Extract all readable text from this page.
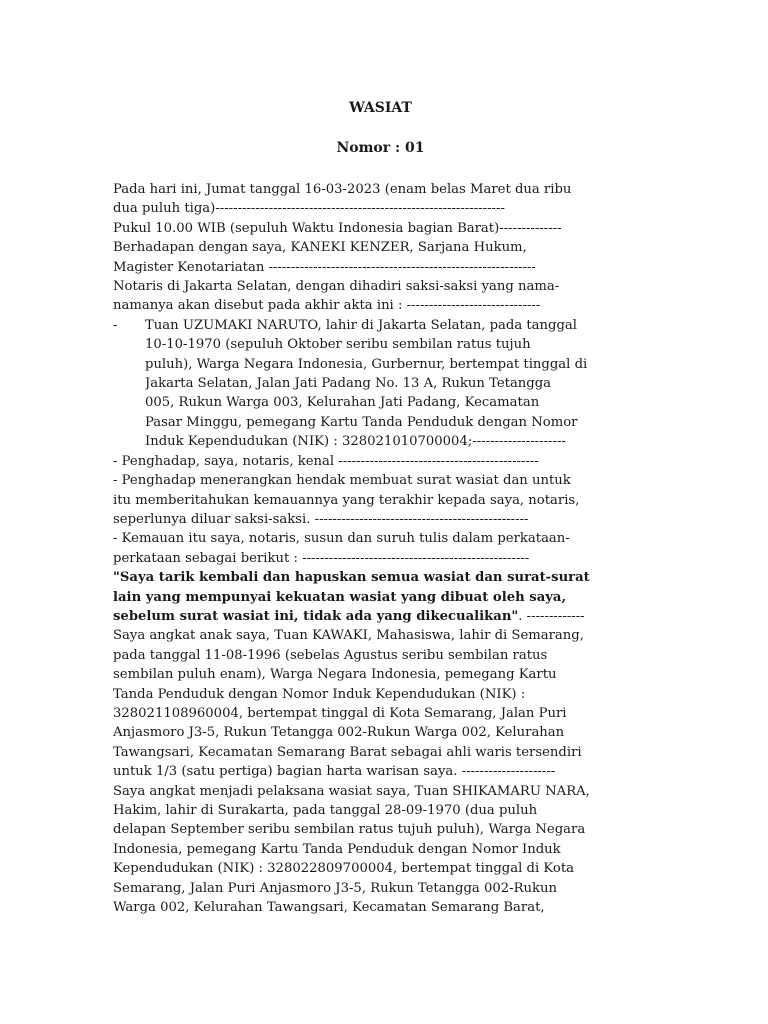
WASIAT
Nomor : 01
Pada hari ini, Jumat tanggal 16-03-2023 (enam belas Maret dua ribu
dua puluh tiga)-----------------------------------------------------------------
Pukul 10.00 WIB (sepuluh Waktu Indonesia bagian Barat)--------------
Berhadapan dengan saya, KANEKI KENZER, Sarjana Hukum,
Magister Kenotariatan ------------------------------------------------------------
Notaris di Jakarta Selatan, dengan dihadiri saksi-saksi yang nama-
namanya akan disebut pada akhir akta ini : ------------------------------
- Tuan UZUMAKI NARUTO, lahir di Jakarta Selatan, pada tanggal
10-10-1970 (sepuluh Oktober seribu sembilan ratus tujuh
puluh), Warga Negara Indonesia, Gurbernur, bertempat tinggal di
Jakarta Selatan, Jalan Jati Padang No. 13 A, Rukun Tetangga
005, Rukun Warga 003, Kelurahan Jati Padang, Kecamatan
Pasar Minggu, pemegang Kartu Tanda Penduduk dengan Nomor
Induk Kependudukan (NIK) : 328021010700004;---------------------
- Penghadap, saya, notaris, kenal ---------------------------------------------
- Penghadap menerangkan hendak membuat surat wasiat dan untuk
itu memberitahukan kemauannya yang terakhir kepada saya, notaris,
seperlunya diluar saksi-saksi. ------------------------------------------------
- Kemauan itu saya, notaris, susun dan suruh tulis dalam perkataan-
perkataan sebagai berikut : ---------------------------------------------------
"Saya tarik kembali dan hapuskan semua wasiat dan surat-surat
lain yang mempunyai kekuatan wasiat yang dibuat oleh saya,
sebelum surat wasiat ini, tidak ada yang dikecualikan". -------------
Saya angkat anak saya, Tuan KAWAKI, Mahasiswa, lahir di Semarang,
pada tanggal 11-08-1996 (sebelas Agustus seribu sembilan ratus
sembilan puluh enam), Warga Negara Indonesia, pemegang Kartu
Tanda Penduduk dengan Nomor Induk Kependudukan (NIK) :
328021108960004, bertempat tinggal di Kota Semarang, Jalan Puri
Anjasmoro J3-5, Rukun Tetangga 002-Rukun Warga 002, Kelurahan
Tawangsari, Kecamatan Semarang Barat sebagai ahli waris tersendiri
untuk 1/3 (satu pertiga) bagian harta warisan saya. ---------------------
Saya angkat menjadi pelaksana wasiat saya, Tuan SHIKAMARU NARA,
Hakim, lahir di Surakarta, pada tanggal 28-09-1970 (dua puluh
delapan September seribu sembilan ratus tujuh puluh), Warga Negara
Indonesia, pemegang Kartu Tanda Penduduk dengan Nomor Induk
Kependudukan (NIK) : 328022809700004, bertempat tinggal di Kota
Semarang, Jalan Puri Anjasmoro J3-5, Rukun Tetangga 002-Rukun
Warga 002, Kelurahan Tawangsari, Kecamatan Semarang Barat,
